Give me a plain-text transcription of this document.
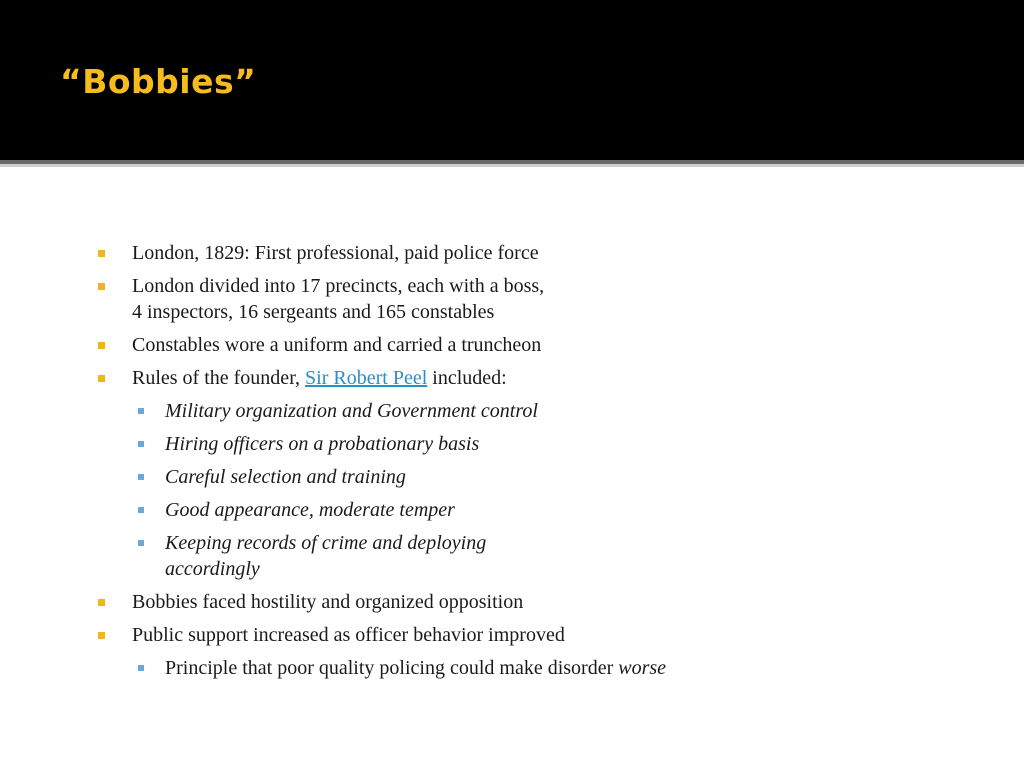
“Bobbies”
London, 1829: First professional, paid police force
London divided into 17 precincts, each with a boss,
4 inspectors, 16 sergeants and 165 constables
Constables wore a uniform and carried a truncheon
Rules of the founder, Sir Robert Peel included:
Military organization and Government control
Hiring officers on a probationary basis
Careful selection and training
Good appearance, moderate temper
Keeping records of crime and deploying
accordingly
Bobbies faced hostility and organized opposition
Public support increased as officer behavior improved
Principle that poor quality policing could make disorder worse
